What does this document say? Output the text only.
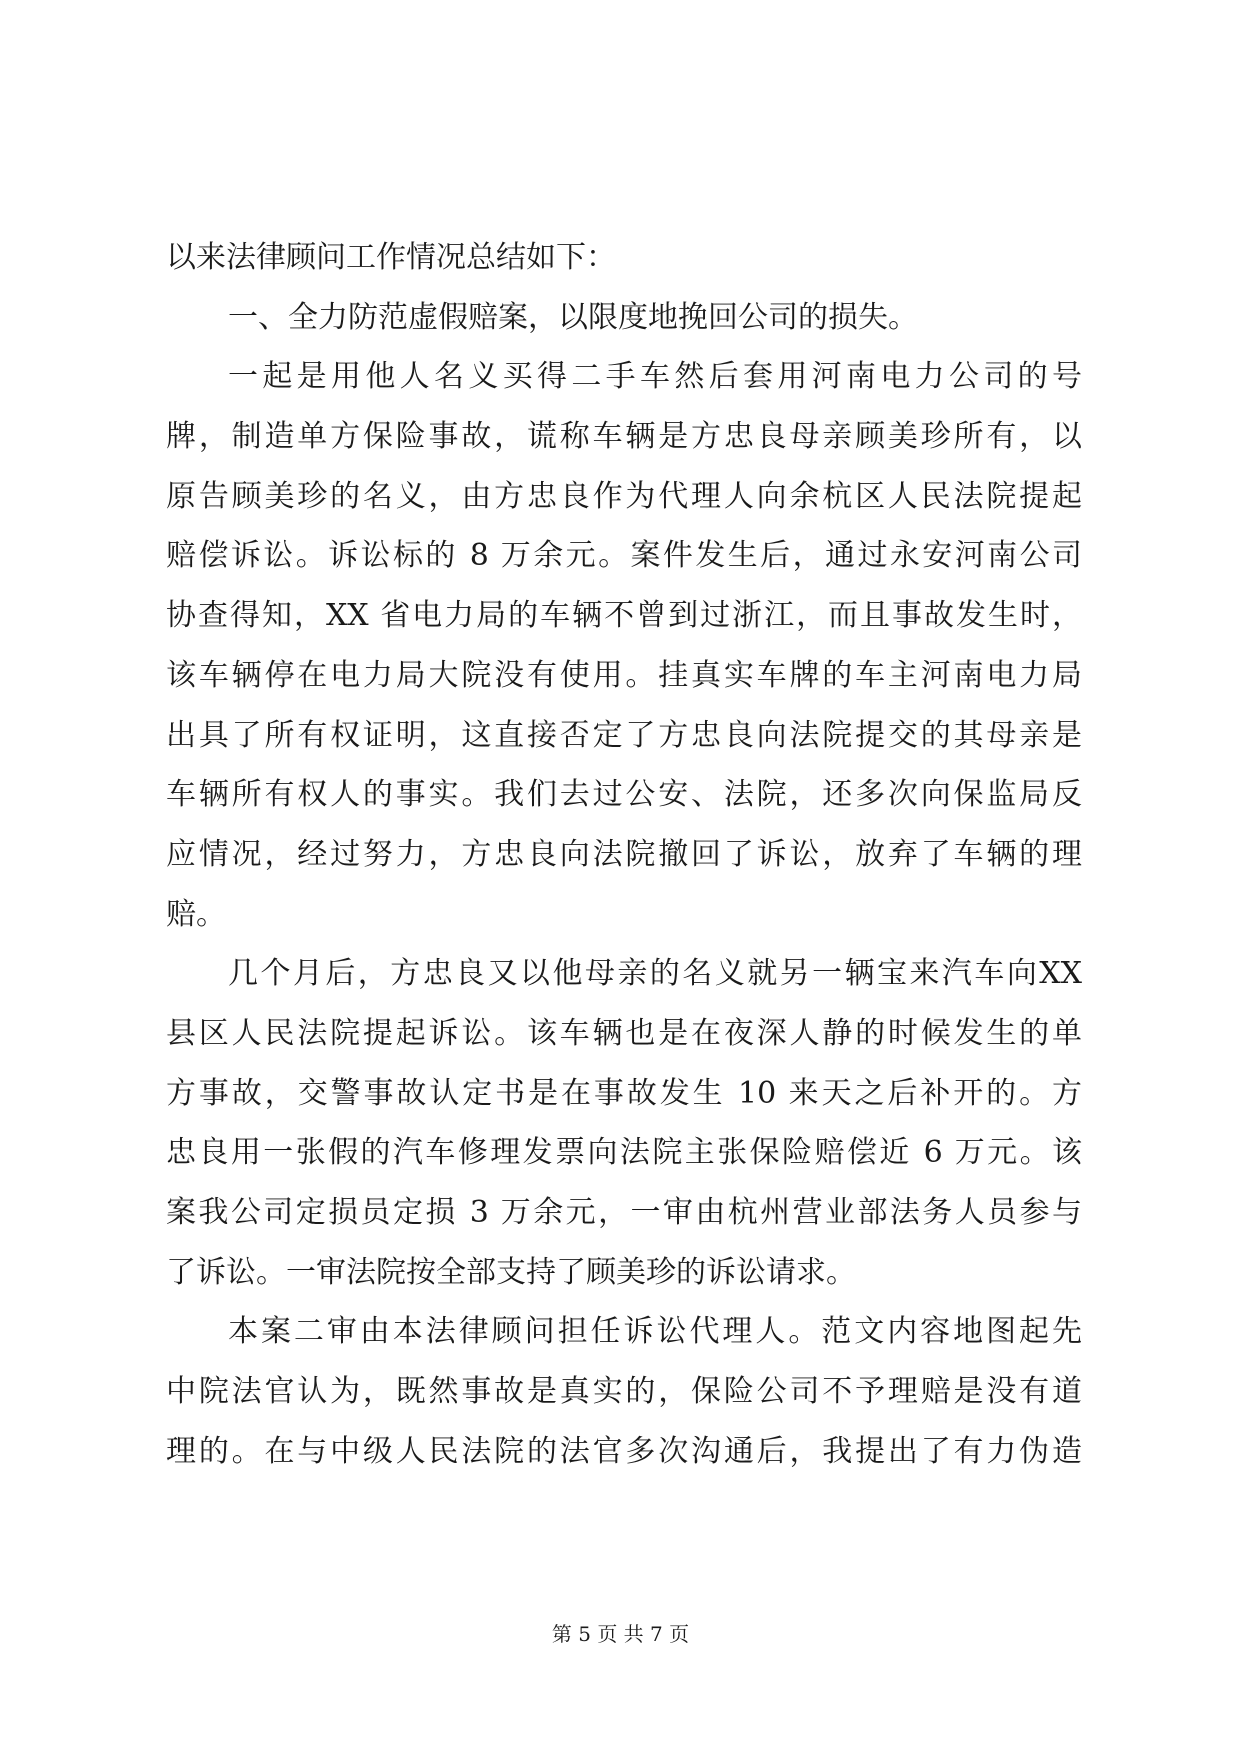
以来法律顾问工作情况总结如下：
一、全力防范虚假赔案，以限度地挽回公司的损失。
一起是用他人名义买得二手车然后套用河南电力公司的号
牌，制造单方保险事故，谎称车辆是方忠良母亲顾美珍所有，以
原告顾美珍的名义，由方忠良作为代理人向余杭区人民法院提起
赔偿诉讼。诉讼标的 8 万余元。案件发生后，通过永安河南公司
协查得知，XX 省电力局的车辆不曾到过浙江，而且事故发生时，
该车辆停在电力局大院没有使用。挂真实车牌的车主河南电力局
出具了所有权证明，这直接否定了方忠良向法院提交的其母亲是
车辆所有权人的事实。我们去过公安、法院，还多次向保监局反
应情况，经过努力，方忠良向法院撤回了诉讼，放弃了车辆的理
赔。
几个月后，方忠良又以他母亲的名义就另一辆宝来汽车向XX
县区人民法院提起诉讼。该车辆也是在夜深人静的时候发生的单
方事故，交警事故认定书是在事故发生 10 来天之后补开的。方
忠良用一张假的汽车修理发票向法院主张保险赔偿近 6 万元。该
案我公司定损员定损 3 万余元，一审由杭州营业部法务人员参与
了诉讼。一审法院按全部支持了顾美珍的诉讼请求。
本案二审由本法律顾问担任诉讼代理人。范文内容地图起先
中院法官认为，既然事故是真实的，保险公司不予理赔是没有道
理的。在与中级人民法院的法官多次沟通后，我提出了有力伪造
第 5 页 共 7 页
